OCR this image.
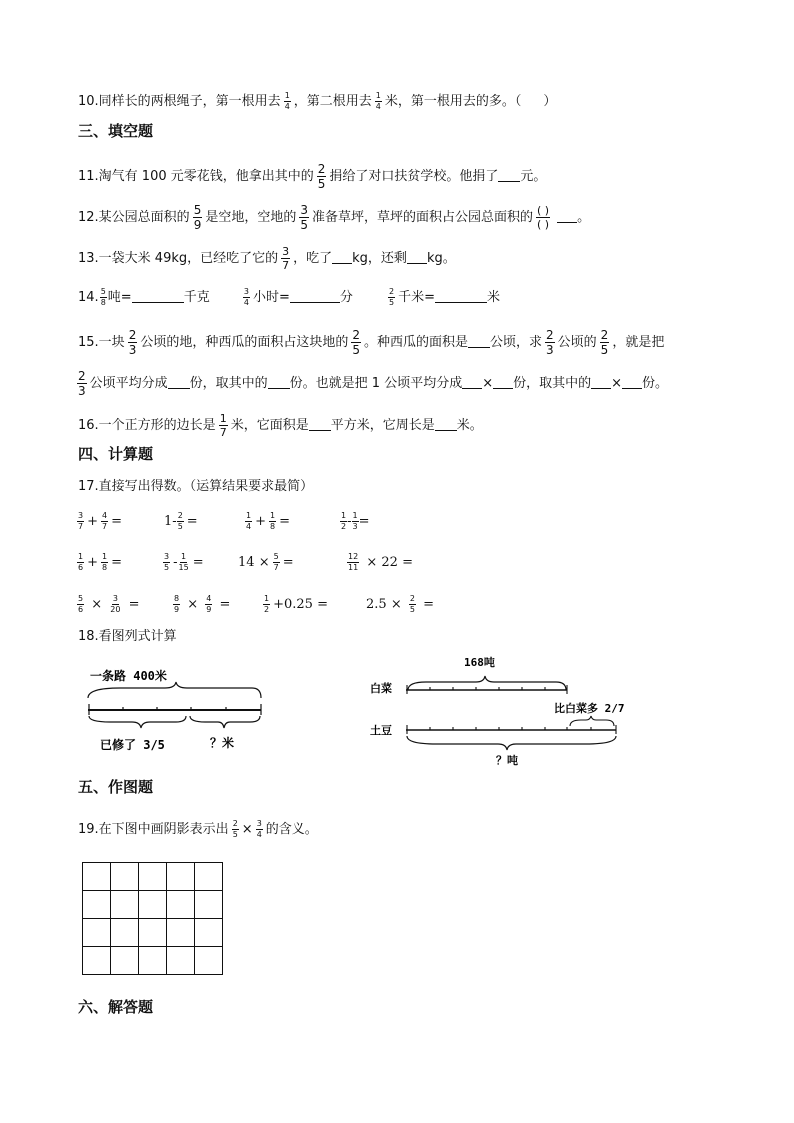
10.同样长的两根绳子，第一根用去 $\frac{1}{4}$ ，第二根用去 $\frac{1}{4}$ 米，第一根用去的多。（ ）
三、填空题
11.淘气有 100 元零花钱，他拿出其中的 $\frac{2}{5}$ 捐给了对口扶贫学校。他捐了 元。
12.某公园总面积的 $\frac{5}{9}$ 是空地，空地的 $\frac{3}{5}$ 准备草坪，草坪的面积占公园总面积的 ( )
( ) 。
13.一袋大米 49kg，已经吃了它的 $\frac{3}{7}$ ，吃了 kg，还剩 kg。
14. $\frac{5}{8}$ 吨=	千克	$\frac{3}{4}$ 小时=	分	$\frac{2}{5}$ 千米=	米
15.一块 $\frac{2}{3}$ 公顷的地，种西瓜的面积占这块地的 $\frac{2}{5}$ 。种西瓜的面积是 公顷，求 $\frac{2}{3}$ 公顷的 $\frac{2}{5}$ ，就是把
$\frac{2}{3}$ 公顷平均分成 份，取其中的 份。也就是把 1 公顷平均分成 × 份，取其中的 × 份。
16.一个正方形的边长是 $\frac{1}{7}$ 米，它面积是 平方米，它周长是 米。
四、计算题
17.直接写出得数。（运算结果要求最简）
$\frac{3}{7} + \frac{4}{7}$ =	$1- \frac{2}{5}$ =	$\frac{1}{4} + \frac{1}{8}$ =	$\frac{1}{2} - \frac{1}{3}$ =
$\frac{1}{6} + \frac{1}{8}$ =	$\frac{3}{5} - \frac{1}{15}$ =	$14 \times \frac{5}{7}$ =	$\frac{12}{11} \times 22$ =
$\frac{5}{6} \times \frac{3}{20}$ =	$\frac{8}{9} \times \frac{4}{9}$ =	$\frac{1}{2} +0.25$ =	$2.5 \times \frac{2}{5}$ =
18.看图列式计算
一条路 400米
已修了 3/5	？米
168吨
白菜
比白菜多 2/7
土豆
？吨
五、作图题
19.在下图中画阴影表示出 $\frac{2}{5} \times \frac{3}{4}$ 的含义。

六、解答题
